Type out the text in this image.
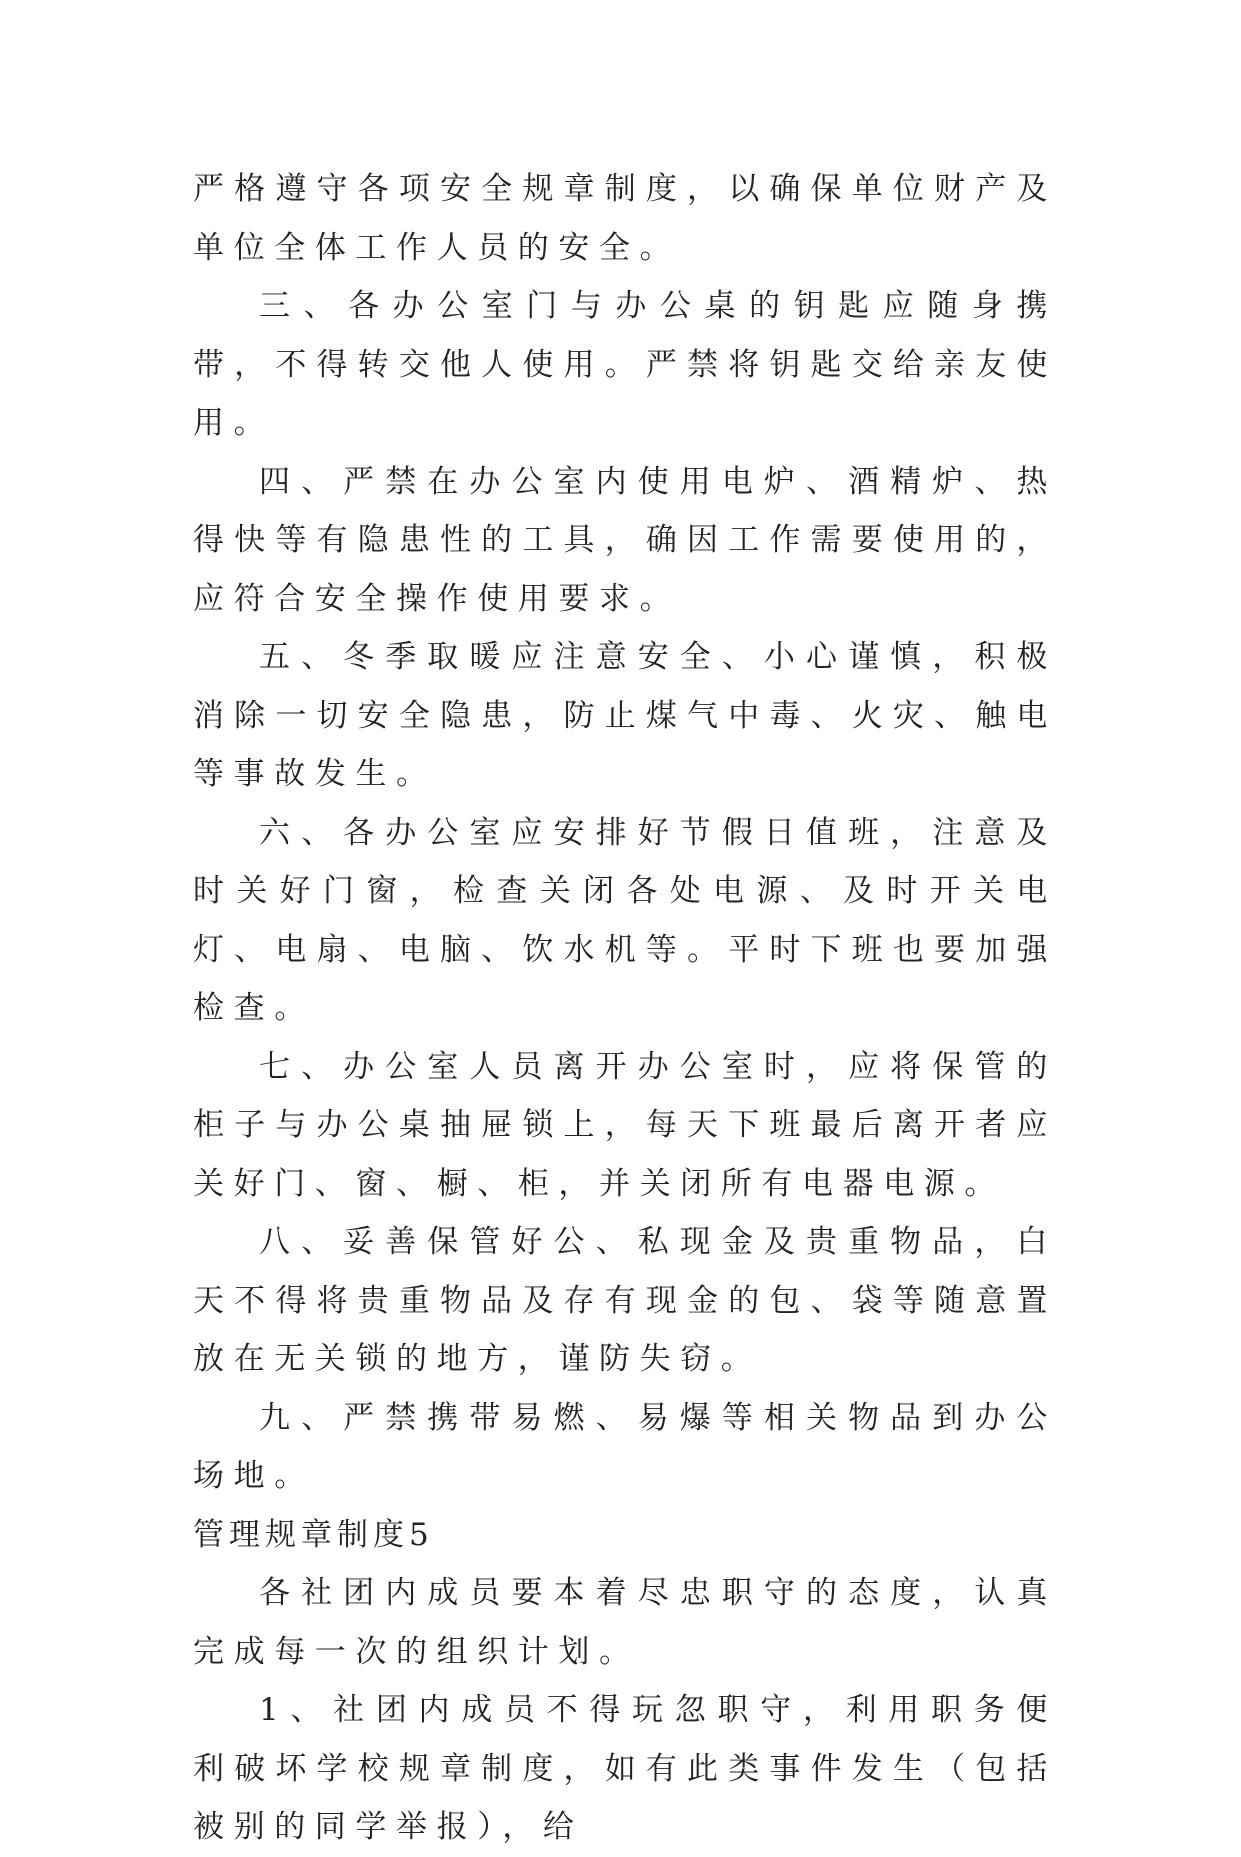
严格遵守各项安全规章制度，以确保单位财产及单位全体工作人员的安全。

三、各办公室门与办公桌的钥匙应随身携带，不得转交他人使用。严禁将钥匙交给亲友使用。

四、严禁在办公室内使用电炉、酒精炉、热得快等有隐患性的工具，确因工作需要使用的，应符合安全操作使用要求。

五、冬季取暖应注意安全、小心谨慎，积极消除一切安全隐患，防止煤气中毒、火灾、触电等事故发生。

六、各办公室应安排好节假日值班，注意及时关好门窗，检查关闭各处电源、及时开关电灯、电扇、电脑、饮水机等。平时下班也要加强检查。

七、办公室人员离开办公室时，应将保管的柜子与办公桌抽屉锁上，每天下班最后离开者应关好门、窗、橱、柜，并关闭所有电器电源。

八、妥善保管好公、私现金及贵重物品，白天不得将贵重物品及存有现金的包、袋等随意置放在无关锁的地方，谨防失窃。

九、严禁携带易燃、易爆等相关物品到办公场地。

管理规章制度5

各社团内成员要本着尽忠职守的态度，认真完成每一次的组织计划。

1、社团内成员不得玩忽职守，利用职务便利破坏学校规章制度，如有此类事件发生（包括被别的同学举报），给
